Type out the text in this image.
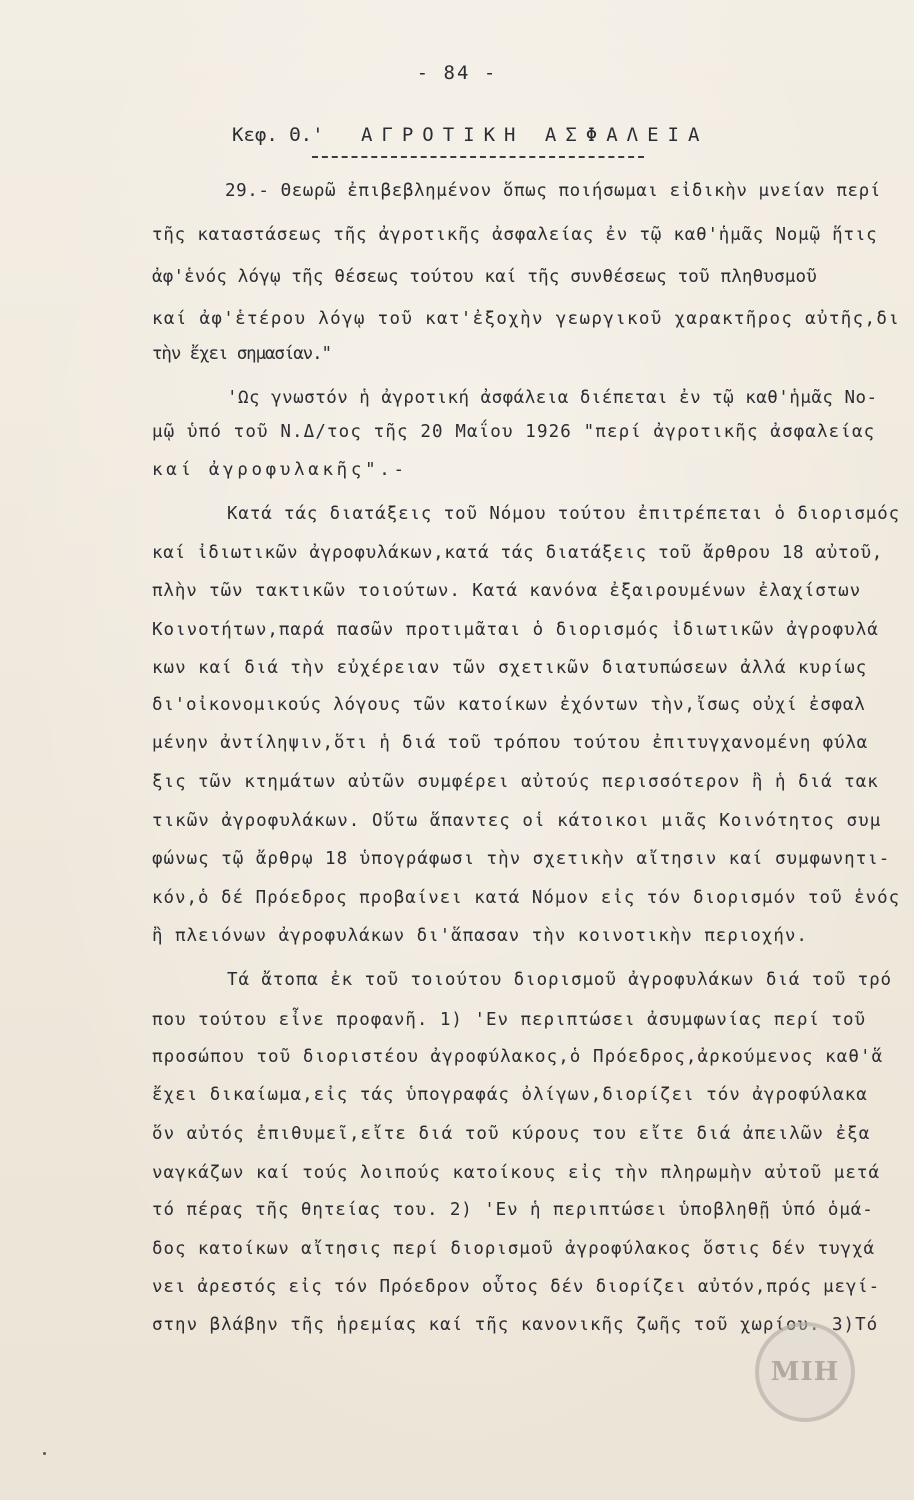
- 84 -
Κεφ. Θ.' ΑΓΡΟΤΙΚΗ ΑΣΦΑΛΕΙΑ
29.- Θεωρῶ ἐπιβεβλημένον ὅπως ποιήσωμαι εἰδικὴν μνείαν περί
τῆς καταστάσεως τῆς ἀγροτικῆς ἀσφαλείας ἐν τῷ καθ'ἡμᾶς Νομῷ ἥτις
ἀφ'ἑνός λόγῳ τῆς θέσεως τούτου καί τῆς συνθέσεως τοῦ πληθυσμοῦ
καί ἀφ'ἑτέρου λόγῳ τοῦ κατ'ἐξοχὴν γεωργικοῦ χαρακτῆρος αὐτῆς,δι
τὴν ἔχει σημασίαν."
'Ως γνωστόν ἡ ἀγροτική ἀσφάλεια διέπεται ἐν τῷ καθ'ἡμᾶς Νο-
μῷ ὑπό τοῦ Ν.Δ/τος τῆς 20 Μαΐου 1926 "περί ἀγροτικῆς ἀσφαλείας
καί ἀγροφυλακῆς".-
Κατά τάς διατάξεις τοῦ Νόμου τούτου ἐπιτρέπεται ὁ διορισμός
καί ἰδιωτικῶν ἀγροφυλάκων,κατά τάς διατάξεις τοῦ ἄρθρου 18 αὐτοῦ,
πλὴν τῶν τακτικῶν τοιούτων. Κατά κανόνα ἐξαιρουμένων ἐλαχίστων
Κοινοτήτων,παρά πασῶν προτιμᾶται ὁ διορισμός ἰδιωτικῶν ἀγροφυλά
κων καί διά τὴν εὐχέρειαν τῶν σχετικῶν διατυπώσεων ἀλλά κυρίως
δι'οἰκονομικούς λόγους τῶν κατοίκων ἐχόντων τὴν,ἴσως οὐχί ἐσφαλ
μένην ἀντίληψιν,ὅτι ἡ διά τοῦ τρόπου τούτου ἐπιτυγχανομένη φύλα
ξις τῶν κτημάτων αὐτῶν συμφέρει αὐτούς περισσότερον ἢ ἡ διά τακ
τικῶν ἀγροφυλάκων. Οὕτω ἅπαντες οἱ κάτοικοι μιᾶς Κοινότητος συμ
φώνως τῷ ἄρθρῳ 18 ὑπογράφωσι τὴν σχετικὴν αἴτησιν καί συμφωνητι-
κόν,ὁ δέ Πρόεδρος προβαίνει κατά Νόμον εἰς τόν διορισμόν τοῦ ἑνός
ἢ πλειόνων ἀγροφυλάκων δι'ἅπασαν τὴν κοινοτικὴν περιοχήν.
Τά ἄτοπα ἐκ τοῦ τοιούτου διορισμοῦ ἀγροφυλάκων διά τοῦ τρό
που τούτου εἶνε προφανῆ. 1) 'Εν περιπτώσει ἀσυμφωνίας περί τοῦ
προσώπου τοῦ διοριστέου ἀγροφύλακος,ὁ Πρόεδρος,ἀρκούμενος καθ'ἅ
ἔχει δικαίωμα,εἰς τάς ὑπογραφάς ὀλίγων,διορίζει τόν ἀγροφύλακα
ὅν αὐτός ἐπιθυμεῖ,εἴτε διά τοῦ κύρους του εἴτε διά ἀπειλῶν ἐξα
ναγκάζων καί τούς λοιπούς κατοίκους εἰς τὴν πληρωμὴν αὐτοῦ μετά
τό πέρας τῆς θητείας του. 2) 'Εν ἡ περιπτώσει ὑποβληθῇ ὑπό ὁμά-
δος κατοίκων αἴτησις περί διορισμοῦ ἀγροφύλακος ὅστις δέν τυγχά
νει ἀρεστός εἰς τόν Πρόεδρον οὗτος δέν διορίζει αὐτόν,πρός μεγί-
στην βλάβην τῆς ἡρεμίας καί τῆς κανονικῆς ζωῆς τοῦ χωρίου. 3)Τό
ΜΙΗ
